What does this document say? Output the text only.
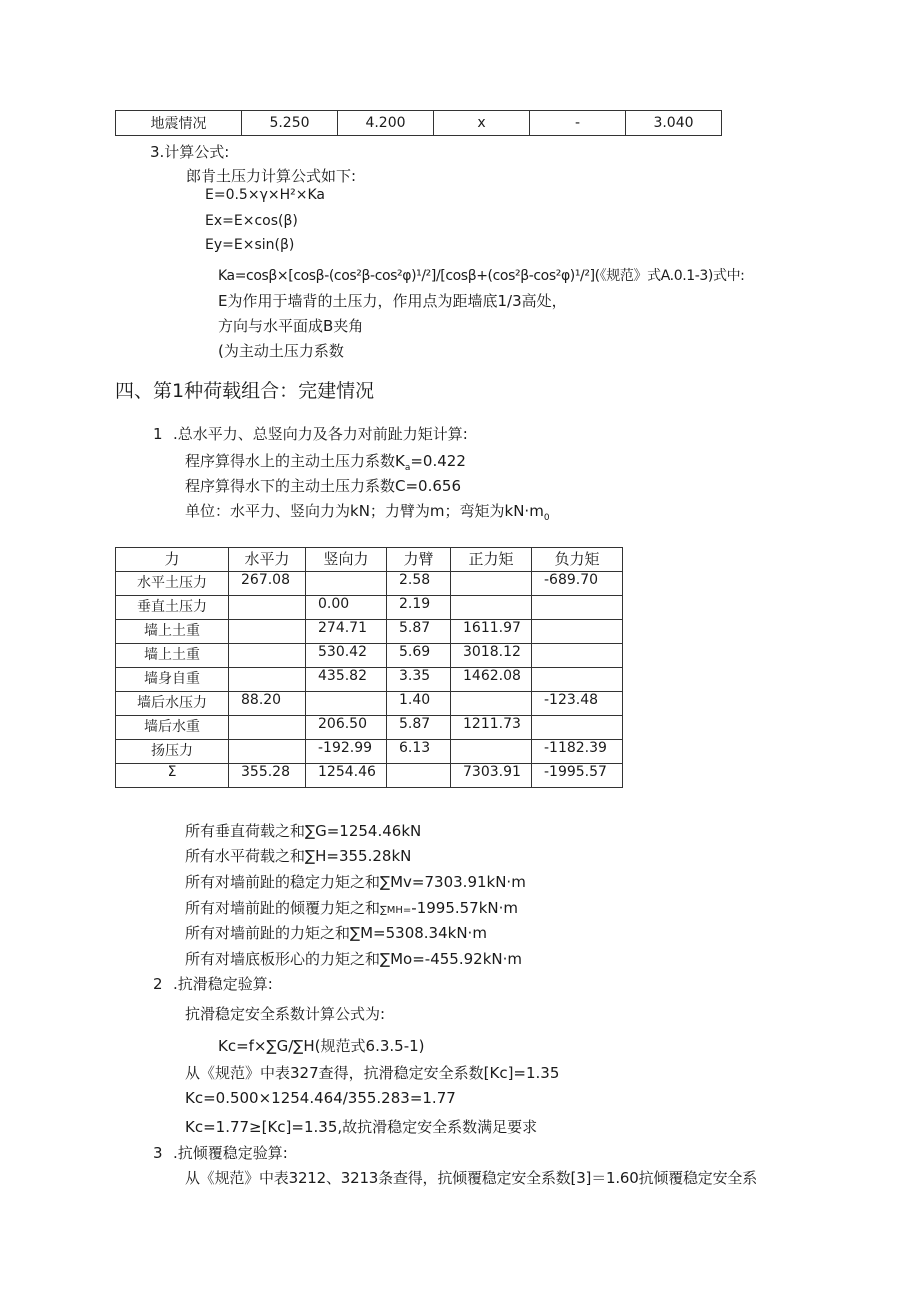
地震情况	5.250	4.200	x	-	3.040
3.计算公式:
郎肯土压力计算公式如下:
E=0.5×γ×H²×Ka
Ex=E×cos(β)
Ey=E×sin(β)
Ka=cosβ×[cosβ-(cos²β-cos²φ)¹/²]/[cosβ+(cos²β-cos²φ)¹/²](《规范》式A.0.1-3)式中:
E为作用于墙背的土压力，作用点为距墙底1/3高处，
方向与水平面成B夹角
(为主动土压力系数
四、第1种荷载组合：完建情况
1 .总水平力、总竖向力及各力对前趾力矩计算:
程序算得水上的主动土压力系数$K_a=0.422$
程序算得水下的主动土压力系数C=0.656
单位：水平力、竖向力为kN；力臂为m；弯矩为$kN\cdot m_0$
力	水平力	竖向力	力臂	正力矩	负力矩
水平土压力	267.08		2.58		-689.70
垂直土压力		0.00	2.19		
墙上土重		274.71	5.87	1611.97	
墙上土重		530.42	5.69	3018.12	
墙身自重		435.82	3.35	1462.08	
墙后水压力	88.20		1.40		-123.48
墙后水重		206.50	5.87	1211.73	
扬压力		-192.99	6.13		-1182.39
Σ	355.28	1254.46		7303.91	-1995.57
所有垂直荷载之和∑G=1254.46kN
所有水平荷载之和∑H=355.28kN
所有对墙前趾的稳定力矩之和∑Mv=7303.91kN·m
所有对墙前趾的倾覆力矩之和∑MH=-1995.57kN·m
所有对墙前趾的力矩之和∑M=5308.34kN·m
所有对墙底板形心的力矩之和∑Mo=-455.92kN·m
2 .抗滑稳定验算:
抗滑稳定安全系数计算公式为:
Kc=f×∑G∕∑H(规范式6.3.5-1)
从《规范》中表327查得，抗滑稳定安全系数[Kc]=1.35
Kc=0.500×1254.464/355.283=1.77
Kc=1.77≥[Kc]=1.35,故抗滑稳定安全系数满足要求
3 .抗倾覆稳定验算:
从《规范》中表3212、3213条查得，抗倾覆稳定安全系数[3]＝1.60抗倾覆稳定安全系
